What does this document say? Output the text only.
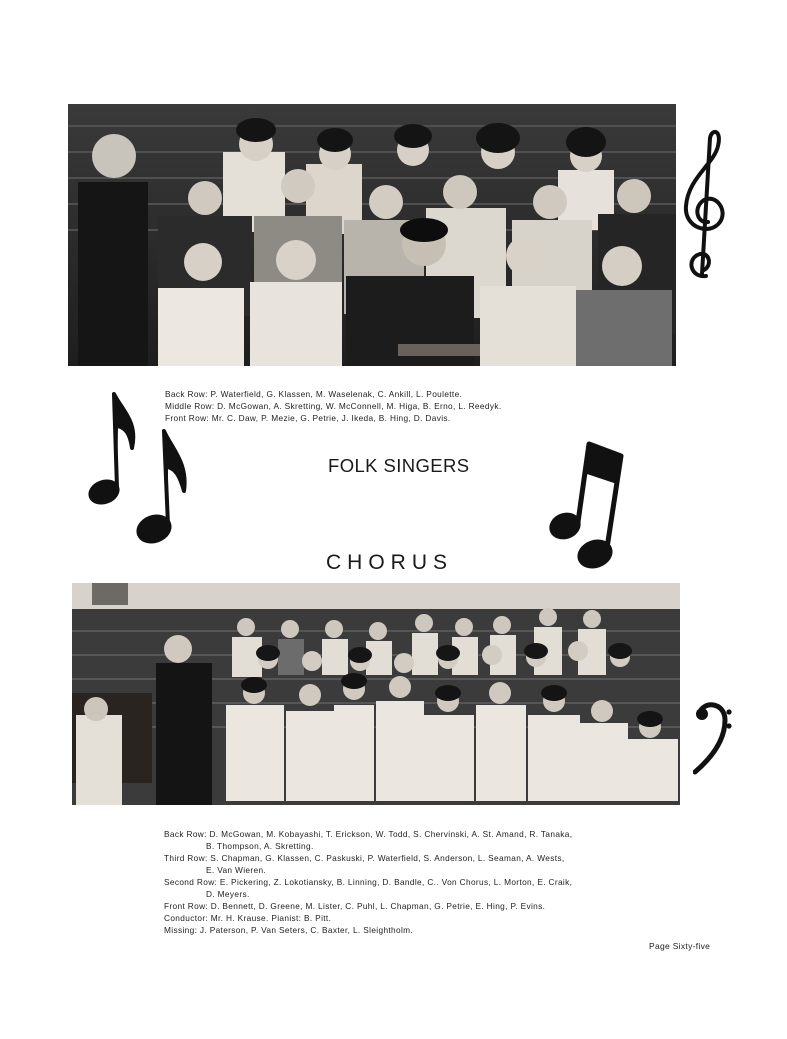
Back Row: P. Waterfield, G. Klassen, M. Waselenak, C. Ankill, L. Poulette.
Middle Row: D. McGowan, A. Skretting, W. McConnell, M. Higa, B. Erno, L. Reedyk.
Front Row: Mr. C. Daw, P. Mezie, G. Petrie, J. Ikeda, B. Hing, D. Davis.
FOLK SINGERS
CHORUS
Back Row: D. McGowan, M. Kobayashi, T. Erickson, W. Todd, S. Chervinski, A. St. Amand, R. Tanaka,
B. Thompson, A. Skretting.
Third Row: S. Chapman, G. Klassen, C. Paskuski, P. Waterfield, S. Anderson, L. Seaman, A. Wests,
E. Van Wieren.
Second Row: E. Pickering, Z. Lokotiansky, B. Linning, D. Bandle, C.. Von Chorus, L. Morton, E. Craik,
D. Meyers.
Front Row: D. Bennett, D. Greene, M. Lister, C. Puhl, L. Chapman, G. Petrie, E. Hing, P. Evins.
Conductor: Mr. H. Krause. Pianist: B. Pitt.
Missing: J. Paterson, P. Van Seters, C. Baxter, L. Sleightholm.
Page Sixty-five
